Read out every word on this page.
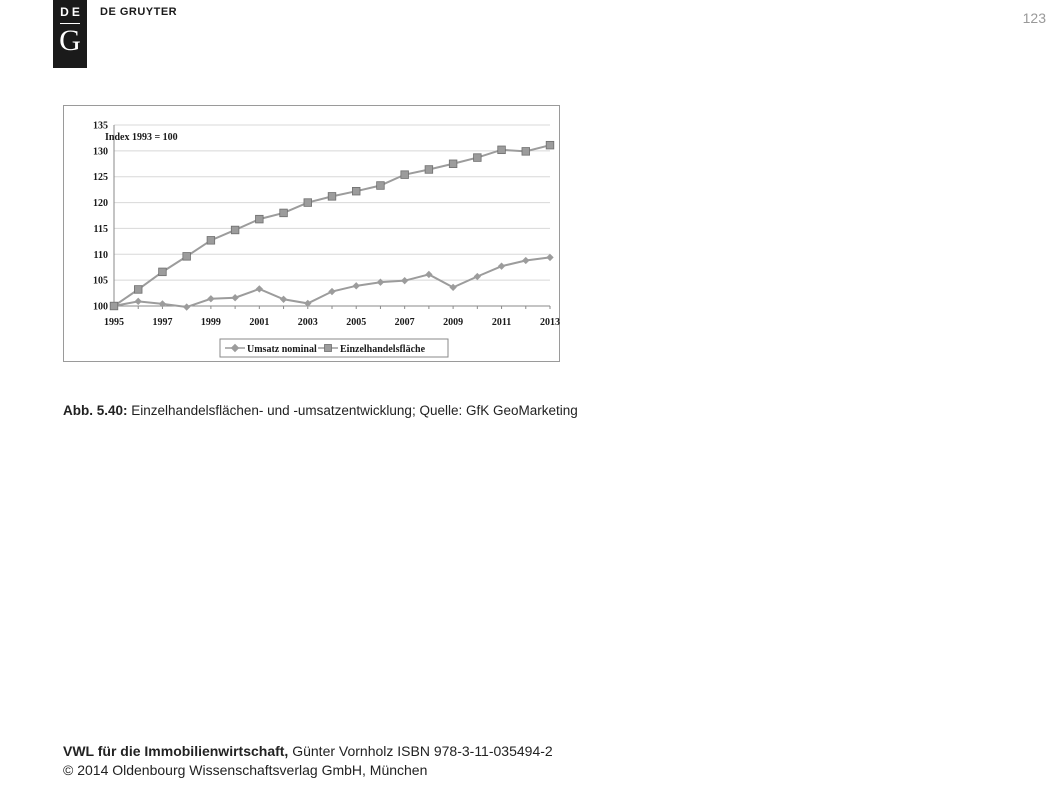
DE
G
DE GRUYTER	123
100
105
110
115
120
125
130
135
1995	1997	1999	2001	2003	2005	2007	2009	2011	2013
Index 1993 = 100
Umsatz nominal Einzelhandelsfläche
Abb. 5.40: Einzelhandelsflächen- und -umsatzentwicklung; Quelle: GfK GeoMarketing
VWL für die Immobilienwirtschaft, Günter Vornholz ISBN 978-3-11-035494-2
© 2014 Oldenbourg Wissenschaftsverlag GmbH, München
